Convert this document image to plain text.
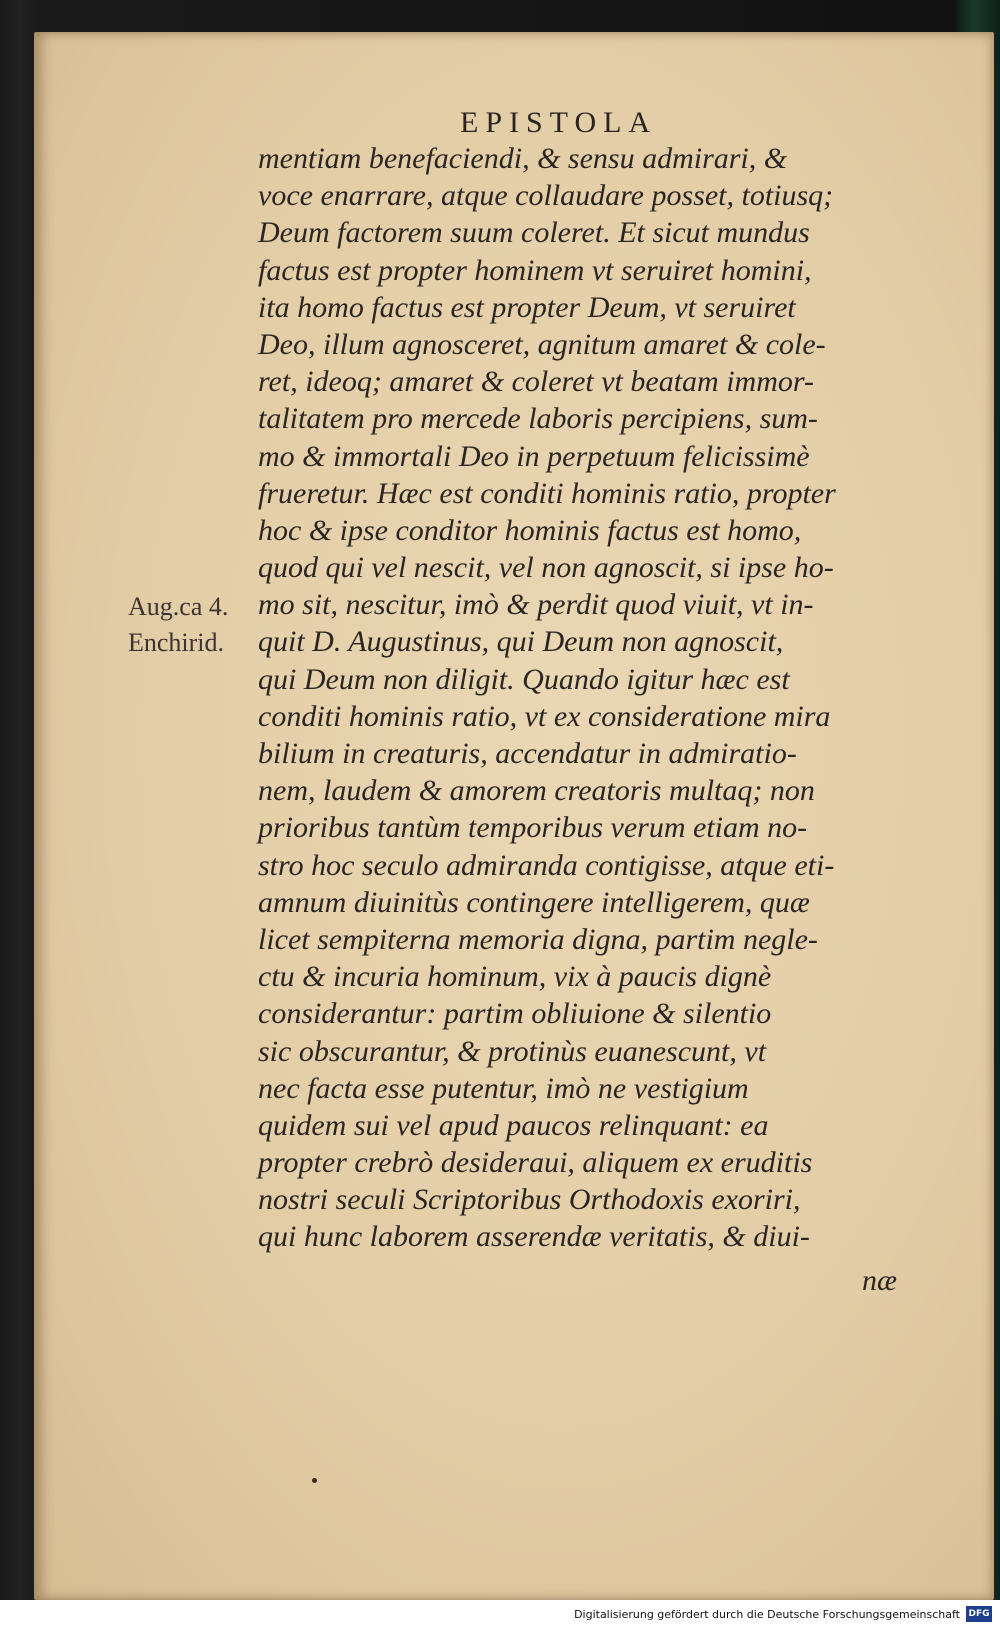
EPISTOLA
mentiam benefaciendi, & sensu admirari, &
voce enarrare, atque collaudare posset, totiusq;
Deum factorem suum coleret. Et sicut mundus
factus est propter hominem vt seruiret homini,
ita homo factus est propter Deum, vt seruiret
Deo, illum agnosceret, agnitum amaret & cole-
ret, ideoq; amaret & coleret vt beatam immor-
talitatem pro mercede laboris percipiens, sum-
mo & immortali Deo in perpetuum felicissimè
frueretur. Hæc est conditi hominis ratio, propter
hoc & ipse conditor hominis factus est homo,
quod qui vel nescit, vel non agnoscit, si ipse ho-
mo sit, nescitur, imò & perdit quod viuit, vt in-
quit D. Augustinus, qui Deum non agnoscit,
qui Deum non diligit. Quando igitur hæc est
conditi hominis ratio, vt ex consideratione mira
bilium in creaturis, accendatur in admiratio-
nem, laudem & amorem creatoris multaq; non
prioribus tantùm temporibus verum etiam no-
stro hoc seculo admiranda contigisse, atque eti-
amnum diuinitùs contingere intelligerem, quæ
licet sempiterna memoria digna, partim negle-
ctu & incuria hominum, vix à paucis dignè
considerantur: partim obliuione & silentio
sic obscurantur, & protinùs euanescunt, vt
nec facta esse putentur, imò ne vestigium
quidem sui vel apud paucos relinquant: ea
propter crebrò desideraui, aliquem ex eruditis
nostri seculi Scriptoribus Orthodoxis exoriri,
qui hunc laborem asserendæ veritatis, & diui-
Aug.ca 4.
Enchirid.
næ
Digitalisierung gefördert durch die Deutsche Forschungsgemeinschaft DFG
